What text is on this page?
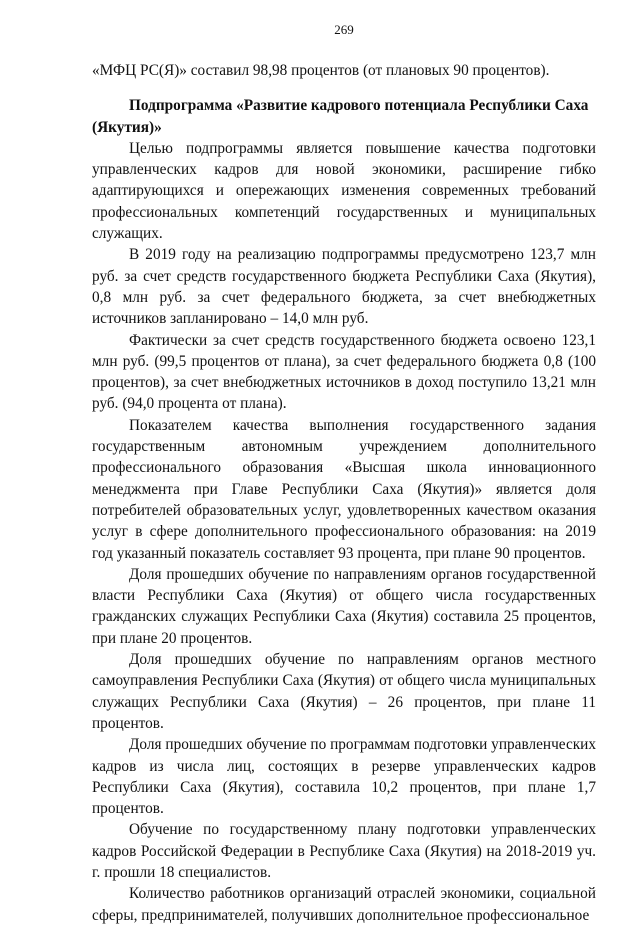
269

«МФЦ РС(Я)» составил 98,98 процентов (от плановых 90 процентов).

Подпрограмма «Развитие кадрового потенциала Республики Саха (Якутия)»

Целью подпрограммы является повышение качества подготовки управленческих кадров для новой экономики, расширение гибко адаптирующихся и опережающих изменения современных требований профессиональных компетенций государственных и муниципальных служащих.

В 2019 году на реализацию подпрограммы предусмотрено 123,7 млн руб. за счет средств государственного бюджета Республики Саха (Якутия), 0,8 млн руб. за счет федерального бюджета, за счет внебюджетных источников запланировано – 14,0 млн руб.

Фактически за счет средств государственного бюджета освоено 123,1 млн руб. (99,5 процентов от плана), за счет федерального бюджета 0,8 (100 процентов), за счет внебюджетных источников в доход поступило 13,21 млн руб. (94,0 процента от плана).

Показателем качества выполнения государственного задания государственным автономным учреждением дополнительного профессионального образования «Высшая школа инновационного менеджмента при Главе Республики Саха (Якутия)» является доля потребителей образовательных услуг, удовлетворенных качеством оказания услуг в сфере дополнительного профессионального образования: на 2019 год указанный показатель составляет 93 процента, при плане 90 процентов.

Доля прошедших обучение по направлениям органов государственной власти Республики Саха (Якутия) от общего числа государственных гражданских служащих Республики Саха (Якутия) составила 25 процентов, при плане 20 процентов.

Доля прошедших обучение по направлениям органов местного самоуправления Республики Саха (Якутия) от общего числа муниципальных служащих Республики Саха (Якутия) – 26 процентов, при плане 11 процентов.

Доля прошедших обучение по программам подготовки управленческих кадров из числа лиц, состоящих в резерве управленческих кадров Республики Саха (Якутия), составила 10,2 процентов, при плане 1,7 процентов.

Обучение по государственному плану подготовки управленческих кадров Российской Федерации в Республике Саха (Якутия) на 2018-2019 уч. г. прошли 18 специалистов.

Количество работников организаций отраслей экономики, социальной сферы, предпринимателей, получивших дополнительное профессиональное
